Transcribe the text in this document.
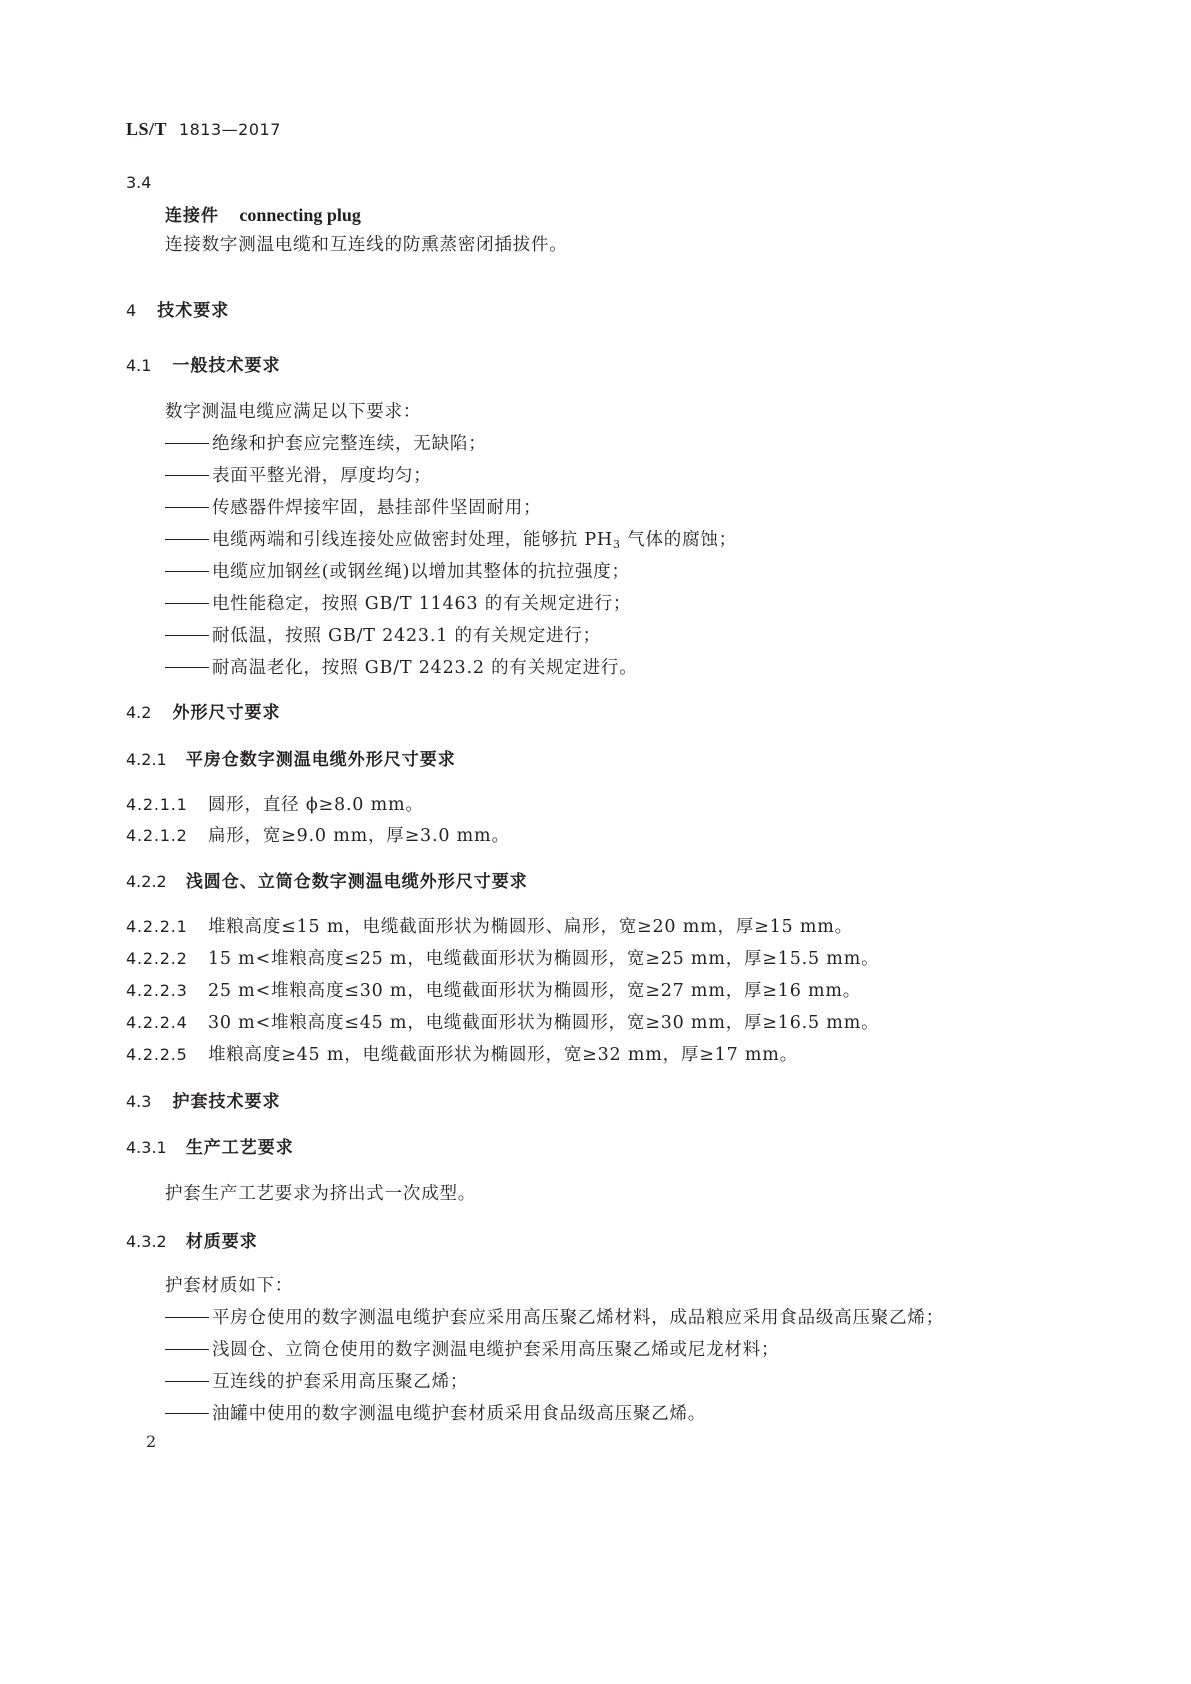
LS/T 1813—2017
3.4
连接件 connecting plug
连接数字测温电缆和互连线的防熏蒸密闭插拔件。
4 技术要求
4.1 一般技术要求
数字测温电缆应满足以下要求：
绝缘和护套应完整连续，无缺陷；
表面平整光滑，厚度均匀；
传感器件焊接牢固，悬挂部件坚固耐用；
电缆两端和引线连接处应做密封处理，能够抗 $PH_3$ 气体的腐蚀；
电缆应加钢丝(或钢丝绳)以增加其整体的抗拉强度；
电性能稳定，按照 GB/T 11463 的有关规定进行；
耐低温，按照 GB/T 2423.1 的有关规定进行；
耐高温老化，按照 GB/T 2423.2 的有关规定进行。
4.2 外形尺寸要求
4.2.1 平房仓数字测温电缆外形尺寸要求
4.2.1.1 圆形，直径 ϕ≥8.0 mm。
4.2.1.2 扁形，宽≥9.0 mm，厚≥3.0 mm。
4.2.2 浅圆仓、立筒仓数字测温电缆外形尺寸要求
4.2.2.1 堆粮高度≤15 m，电缆截面形状为椭圆形、扁形，宽≥20 mm，厚≥15 mm。
4.2.2.2 15 m<堆粮高度≤25 m，电缆截面形状为椭圆形，宽≥25 mm，厚≥15.5 mm。
4.2.2.3 25 m<堆粮高度≤30 m，电缆截面形状为椭圆形，宽≥27 mm，厚≥16 mm。
4.2.2.4 30 m<堆粮高度≤45 m，电缆截面形状为椭圆形，宽≥30 mm，厚≥16.5 mm。
4.2.2.5 堆粮高度≥45 m，电缆截面形状为椭圆形，宽≥32 mm，厚≥17 mm。
4.3 护套技术要求
4.3.1 生产工艺要求
护套生产工艺要求为挤出式一次成型。
4.3.2 材质要求
护套材质如下：
平房仓使用的数字测温电缆护套应采用高压聚乙烯材料，成品粮应采用食品级高压聚乙烯；
浅圆仓、立筒仓使用的数字测温电缆护套采用高压聚乙烯或尼龙材料；
互连线的护套采用高压聚乙烯；
油罐中使用的数字测温电缆护套材质采用食品级高压聚乙烯。
2
